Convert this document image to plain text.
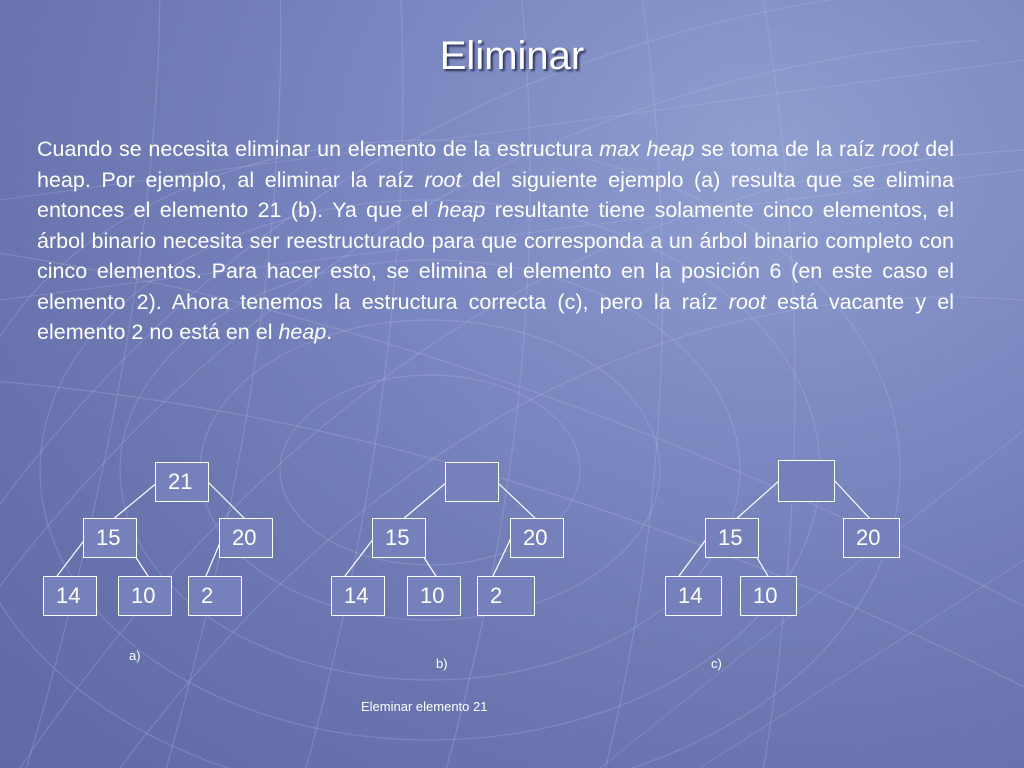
Eliminar

Cuando se necesita eliminar un elemento de la estructura max heap se toma de la raíz root del heap. Por ejemplo, al eliminar la raíz root del siguiente ejemplo (a) resulta que se elimina entonces el elemento 21 (b). Ya que el heap resultante tiene solamente cinco elementos, el árbol binario necesita ser reestructurado para que corresponda a un árbol binario completo con cinco elementos. Para hacer esto, se elimina el elemento en la posición 6 (en este caso el elemento 2). Ahora tenemos la estructura correcta (c), pero la raíz root está vacante y el elemento 2 no está en el heap.

21
15	20
14	10	2
a)
15	20
14	10	2
b)
15	20
14	10
c)
Eleminar elemento 21
